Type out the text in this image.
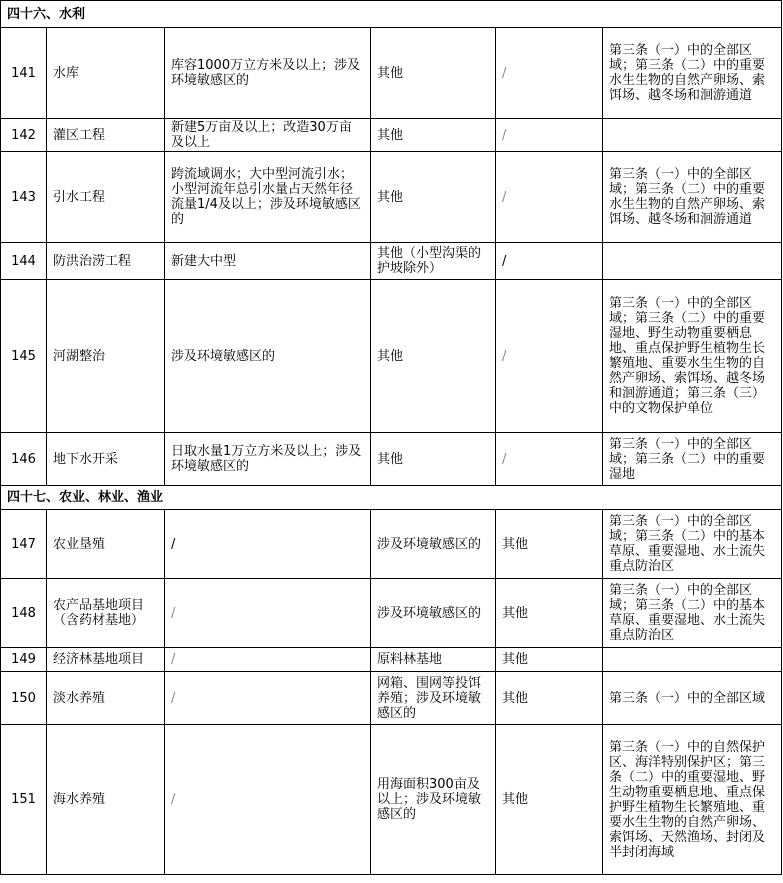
四十六、水利					
141	水库	库容1000万立方米及以上；涉及环境敏感区的	其他	/	第三条（一）中的全部区域；第三条（二）中的重要水生生物的自然产卵场、索饵场、越冬场和洄游通道
142	灌区工程	新建5万亩及以上；改造30万亩及以上	其他	/	
143	引水工程	跨流域调水；大中型河流引水；小型河流年总引水量占天然年径流量1/4及以上；涉及环境敏感区的	其他	/	第三条（一）中的全部区域；第三条（二）中的重要水生生物的自然产卵场、索饵场、越冬场和洄游通道
144	防洪治涝工程	新建大中型	其他（小型沟渠的护坡除外）	/	
145	河湖整治	涉及环境敏感区的	其他	/	第三条（一）中的全部区域；第三条（二）中的重要湿地、野生动物重要栖息地、重点保护野生植物生长繁殖地、重要水生生物的自然产卵场、索饵场、越冬场和洄游通道；第三条（三）中的文物保护单位
146	地下水开采	日取水量1万立方米及以上；涉及环境敏感区的	其他	/	第三条（一）中的全部区域；第三条（二）中的重要湿地
四十七、农业、林业、渔业					
147	农业垦殖	/	涉及环境敏感区的	其他	第三条（一）中的全部区域；第三条（二）中的基本草原、重要湿地、水土流失重点防治区
148	农产品基地项目（含药材基地）	/	涉及环境敏感区的	其他	第三条（一）中的全部区域；第三条（二）中的基本草原、重要湿地、水土流失重点防治区
149	经济林基地项目	/	原料林基地	其他	
150	淡水养殖	/	网箱、围网等投饵养殖；涉及环境敏感区的	其他	第三条（一）中的全部区域
151	海水养殖	/	用海面积300亩及以上；涉及环境敏感区的	其他	第三条（一）中的自然保护区、海洋特别保护区；第三条（二）中的重要湿地、野生动物重要栖息地、重点保护野生植物生长繁殖地、重要水生生物的自然产卵场、索饵场、天然渔场、封闭及半封闭海域
